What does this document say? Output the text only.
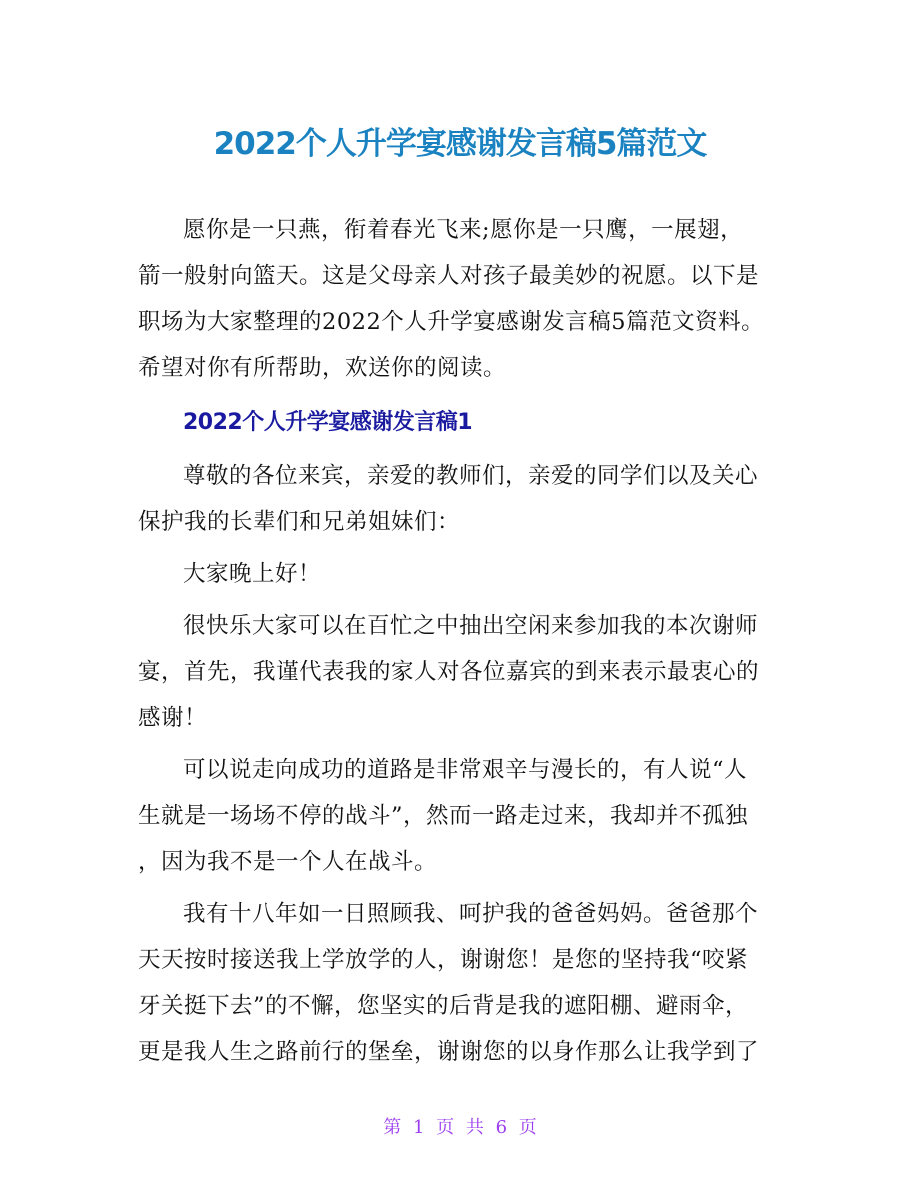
2022个人升学宴感谢发言稿5篇范文
愿你是一只燕，衔着春光飞来;愿你是一只鹰，一展翅，
箭一般射向篮天。这是父母亲人对孩子最美妙的祝愿。以下是
职场为大家整理的2022个人升学宴感谢发言稿5篇范文资料。
希望对你有所帮助，欢送你的阅读。
2022个人升学宴感谢发言稿1
尊敬的各位来宾，亲爱的教师们，亲爱的同学们以及关心
保护我的长辈们和兄弟姐妹们：
大家晚上好！
很快乐大家可以在百忙之中抽出空闲来参加我的本次谢师
宴，首先，我谨代表我的家人对各位嘉宾的到来表示最衷心的
感谢！
可以说走向成功的道路是非常艰辛与漫长的，有人说“人
生就是一场场不停的战斗”，然而一路走过来，我却并不孤独
，因为我不是一个人在战斗。
我有十八年如一日照顾我、呵护我的爸爸妈妈。爸爸那个
天天按时接送我上学放学的人，谢谢您！是您的坚持我“咬紧
牙关挺下去”的不懈，您坚实的后背是我的遮阳棚、避雨伞，
更是我人生之路前行的堡垒，谢谢您的以身作那么让我学到了
第 1 页 共 6 页
